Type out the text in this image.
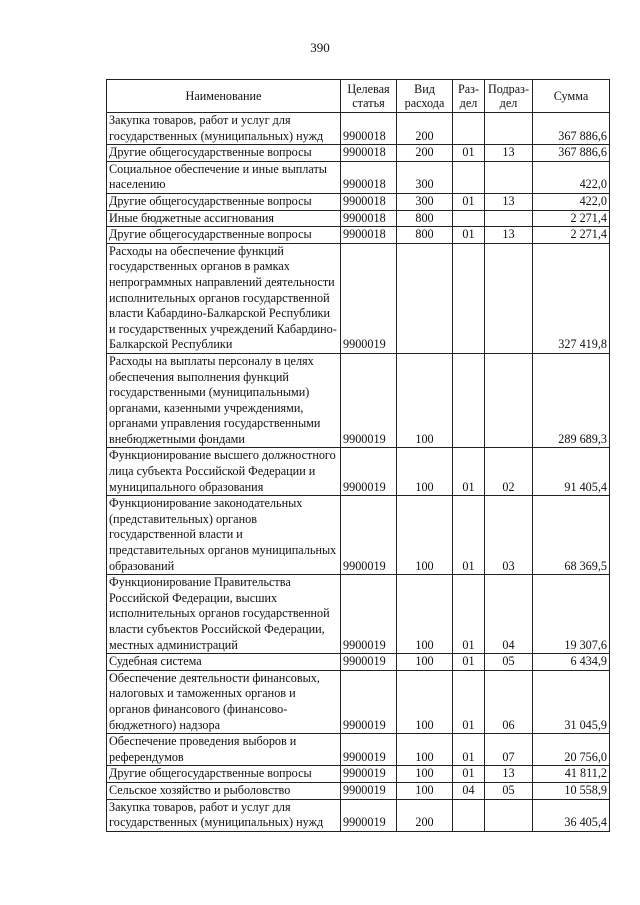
390
Наименование	Целевая статья	Вид расхода	Раз- дел	Подраз- дел	Сумма
Закупка товаров, работ и услуг для государственных (муниципальных) нужд	9900018	200			367 886,6
Другие общегосударственные вопросы	9900018	200	01	13	367 886,6
Социальное обеспечение и иные выплаты населению	9900018	300			422,0
Другие общегосударственные вопросы	9900018	300	01	13	422,0
Иные бюджетные ассигнования	9900018	800			2 271,4
Другие общегосударственные вопросы	9900018	800	01	13	2 271,4
Расходы на обеспечение функций государственных органов в рамках непрограммных направлений деятельности исполнительных органов государственной власти Кабардино-Балкарской Республики и государственных учреждений Кабардино-Балкарской Республики	9900019				327 419,8
Расходы на выплаты персоналу в целях обеспечения выполнения функций государственными (муниципальными) органами, казенными учреждениями, органами управления государственными внебюджетными фондами	9900019	100			289 689,3
Функционирование высшего должностного лица субъекта Российской Федерации и муниципального образования	9900019	100	01	02	91 405,4
Функционирование законодательных (представительных) органов государственной власти и представительных органов муниципальных образований	9900019	100	01	03	68 369,5
Функционирование Правительства Российской Федерации, высших исполнительных органов государственной власти субъектов Российской Федерации, местных администраций	9900019	100	01	04	19 307,6
Судебная система	9900019	100	01	05	6 434,9
Обеспечение деятельности финансовых, налоговых и таможенных органов и органов финансового (финансово-бюджетного) надзора	9900019	100	01	06	31 045,9
Обеспечение проведения выборов и референдумов	9900019	100	01	07	20 756,0
Другие общегосударственные вопросы	9900019	100	01	13	41 811,2
Сельское хозяйство и рыболовство	9900019	100	04	05	10 558,9
Закупка товаров, работ и услуг для государственных (муниципальных) нужд	9900019	200			36 405,4
